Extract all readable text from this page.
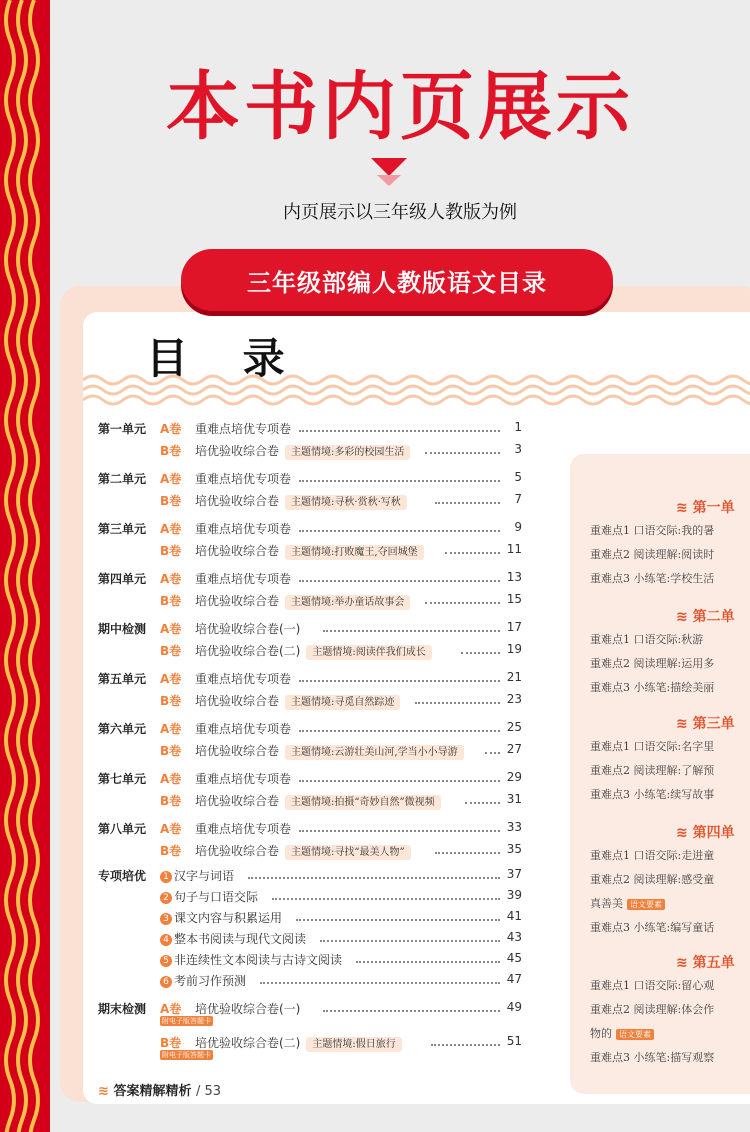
本书内页展示
内页展示以三年级人教版为例
目 录
三年级部编人教版语文目录
第一单元 A卷 重难点培优专项卷	1
B卷 培优验收综合卷 主题情境:多彩的校园生活	3
第二单元 A卷 重难点培优专项卷	5
B卷 培优验收综合卷 主题情境:寻秋·赏秋·写秋	7
第三单元 A卷 重难点培优专项卷	9
B卷 培优验收综合卷 主题情境:打败魔王,夺回城堡	11
第四单元 A卷 重难点培优专项卷	13
B卷 培优验收综合卷 主题情境:举办童话故事会	15
期中检测 A卷 培优验收综合卷(一)	17
B卷 培优验收综合卷(二) 主题情境:阅读伴我们成长	19
第五单元 A卷 重难点培优专项卷	21
B卷 培优验收综合卷 主题情境:寻觅自然踪迹	23
第六单元 A卷 重难点培优专项卷	25
B卷 培优验收综合卷 主题情境:云游壮美山河,学当小小导游	27
第七单元 A卷 重难点培优专项卷	29
B卷 培优验收综合卷 主题情境:拍摄“奇妙自然”微视频	31
第八单元 A卷 重难点培优专项卷	33
B卷 培优验收综合卷 主题情境:寻找“最美人物”	35
专项培优	1 汉字与词语	37
2 句子与口语交际	39
3 课文内容与积累运用	41
4 整本书阅读与现代文阅读	43
5 非连续性文本阅读与古诗文阅读	45
6 考前习作预测	47
期末检测 A卷 培优验收综合卷(一)	49
附电子版答题卡
B卷 培优验收综合卷(二) 主题情境:假日旅行	51
附电子版答题卡
≋ 第一单
重难点1 口语交际:我的暑
重难点2 阅读理解:阅读时
重难点3 小练笔:学校生活
≋ 第二单
重难点1 口语交际:秋游
重难点2 阅读理解:运用多
重难点3 小练笔:描绘美丽
≋ 第三单
重难点1 口语交际:名字里
重难点2 阅读理解:了解预
重难点3 小练笔:续写故事
≋ 第四单
重难点1 口语交际:走进童
重难点2 阅读理解:感受童
真善美 语文要素
重难点3 小练笔:编写童话
≋ 第五单
重难点1 口语交际:留心观
重难点2 阅读理解:体会作
物的 语文要素
重难点3 小练笔:描写观察
≋ 答案精解精析 / 53
